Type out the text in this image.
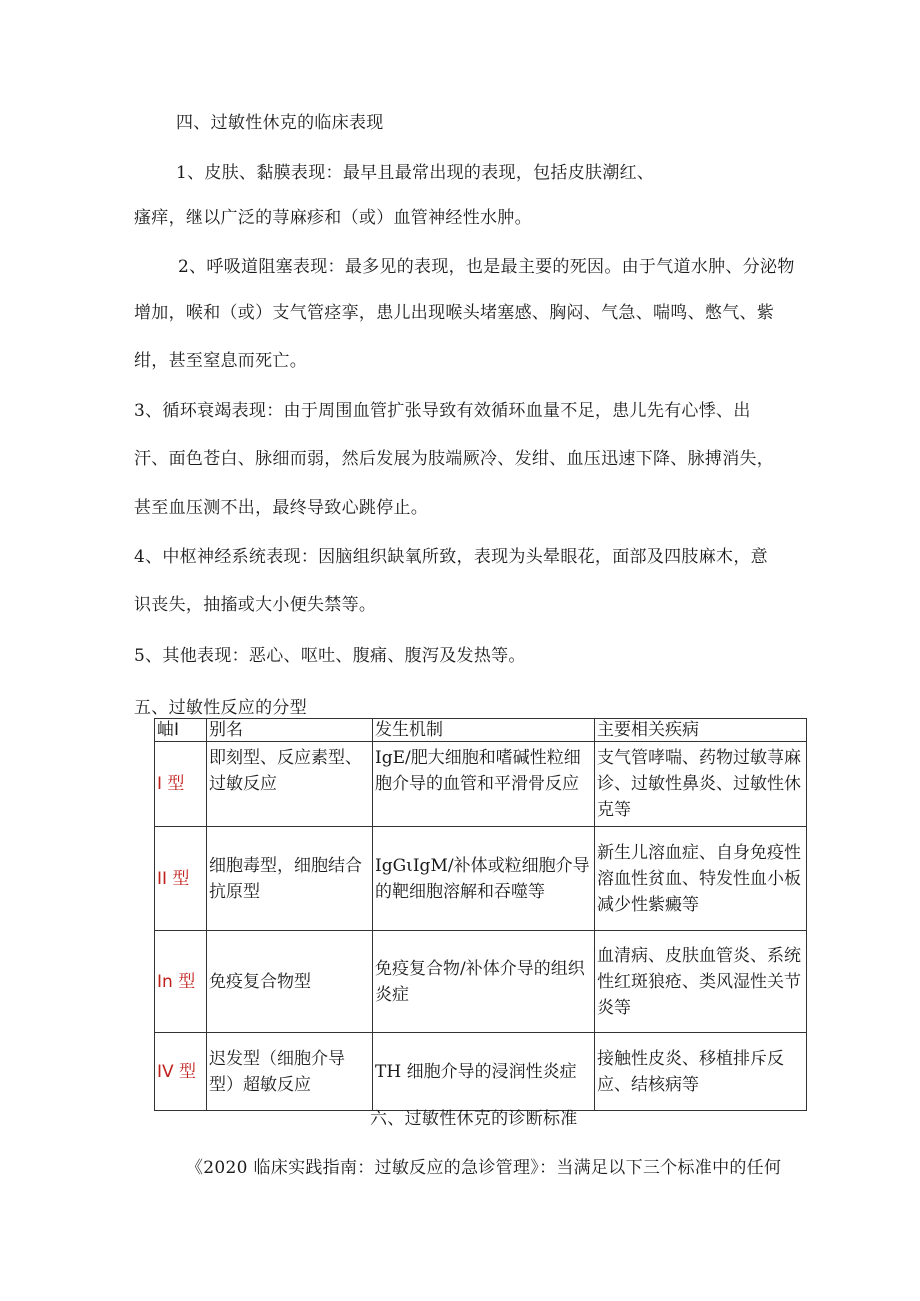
四、过敏性休克的临床表现
1、皮肤、黏膜表现：最早且最常出现的表现，包括皮肤潮红、
瘙痒，继以广泛的荨麻疹和（或）血管神经性水肿。
2、呼吸道阻塞表现：最多见的表现，也是最主要的死因。由于气道水肿、分泌物
增加，喉和（或）支气管痉挛，患儿出现喉头堵塞感、胸闷、气急、喘鸣、憋气、紫
绀，甚至窒息而死亡。
3、循环衰竭表现：由于周围血管扩张导致有效循环血量不足，患儿先有心悸、出
汗、面色苍白、脉细而弱，然后发展为肢端厥冷、发绀、血压迅速下降、脉搏消失，
甚至血压测不出，最终导致心跳停止。
4、中枢神经系统表现：因脑组织缺氧所致，表现为头晕眼花，面部及四肢麻木，意
识丧失，抽搐或大小便失禁等。
5、其他表现：恶心、呕吐、腹痛、腹泻及发热等。
五、过敏性反应的分型
岫I	别名	发生机制	主要相关疾病
I 型	即刻型、反应素型、过敏反应	IgE/肥大细胞和嗜碱性粒细胞介导的血管和平滑骨反应	支气管哮喘、药物过敏荨麻诊、过敏性鼻炎、过敏性休克等
II 型	细胞毒型，细胞结合抗原型	IgGιIgM/补体或粒细胞介导的靶细胞溶解和吞噬等	新生儿溶血症、自身免疫性溶血性贫血、特发性血小板减少性紫癜等
In 型	免疫复合物型	免疫复合物/补体介导的组织炎症	血清病、皮肤血管炎、系统性红斑狼疮、类风湿性关节炎等
IV 型	迟发型（细胞介导型）超敏反应	TH 细胞介导的浸润性炎症	接触性皮炎、移植排斥反应、结核病等
六、过敏性休克的诊断标准
《2020 临床实践指南：过敏反应的急诊管理》：当满足以下三个标准中的任何
